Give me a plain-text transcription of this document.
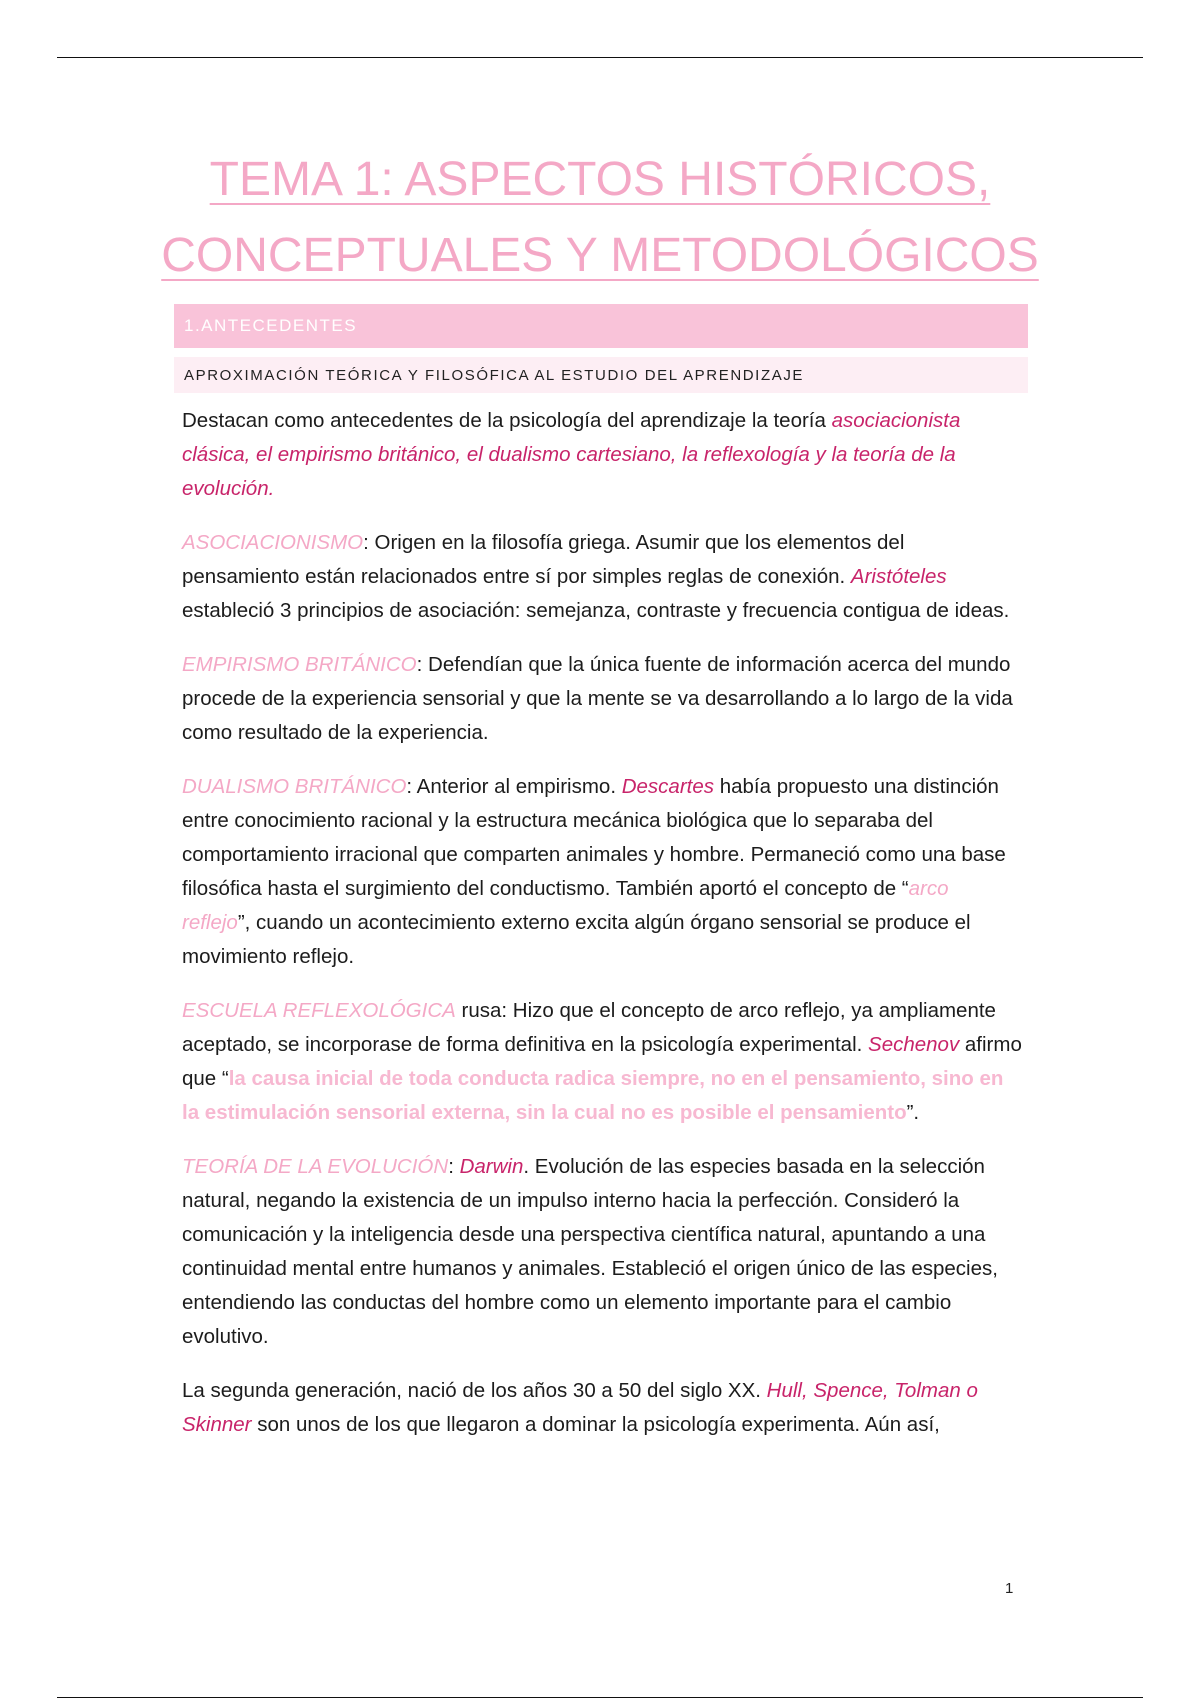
TEMA 1: ASPECTOS HISTÓRICOS,
CONCEPTUALES Y METODOLÓGICOS
1.ANTECEDENTES
APROXIMACIÓN TEÓRICA Y FILOSÓFICA AL ESTUDIO DEL APRENDIZAJE

Destacan como antecedentes de la psicología del aprendizaje la teoría asociacionista clásica, el empirismo británico, el dualismo cartesiano, la reflexología y la teoría de la evolución.

ASOCIACIONISMO: Origen en la filosofía griega. Asumir que los elementos del pensamiento están relacionados entre sí por simples reglas de conexión. Aristóteles estableció 3 principios de asociación: semejanza, contraste y frecuencia contigua de ideas.

EMPIRISMO BRITÁNICO: Defendían que la única fuente de información acerca del mundo procede de la experiencia sensorial y que la mente se va desarrollando a lo largo de la vida como resultado de la experiencia.

DUALISMO BRITÁNICO: Anterior al empirismo. Descartes había propuesto una distinción entre conocimiento racional y la estructura mecánica biológica que lo separaba del comportamiento irracional que comparten animales y hombre. Permaneció como una base filosófica hasta el surgimiento del conductismo. También aportó el concepto de “arco reflejo”, cuando un acontecimiento externo excita algún órgano sensorial se produce el movimiento reflejo.

ESCUELA REFLEXOLÓGICA rusa: Hizo que el concepto de arco reflejo, ya ampliamente aceptado, se incorporase de forma definitiva en la psicología experimental. Sechenov afirmo que “la causa inicial de toda conducta radica siempre, no en el pensamiento, sino en la estimulación sensorial externa, sin la cual no es posible el pensamiento”.

TEORÍA DE LA EVOLUCIÓN: Darwin. Evolución de las especies basada en la selección natural, negando la existencia de un impulso interno hacia la perfección. Consideró la comunicación y la inteligencia desde una perspectiva científica natural, apuntando a una continuidad mental entre humanos y animales. Estableció el origen único de las especies, entendiendo las conductas del hombre como un elemento importante para el cambio evolutivo.

La segunda generación, nació de los años 30 a 50 del siglo XX. Hull, Spence, Tolman o Skinner son unos de los que llegaron a dominar la psicología experimenta. Aún así,

1
